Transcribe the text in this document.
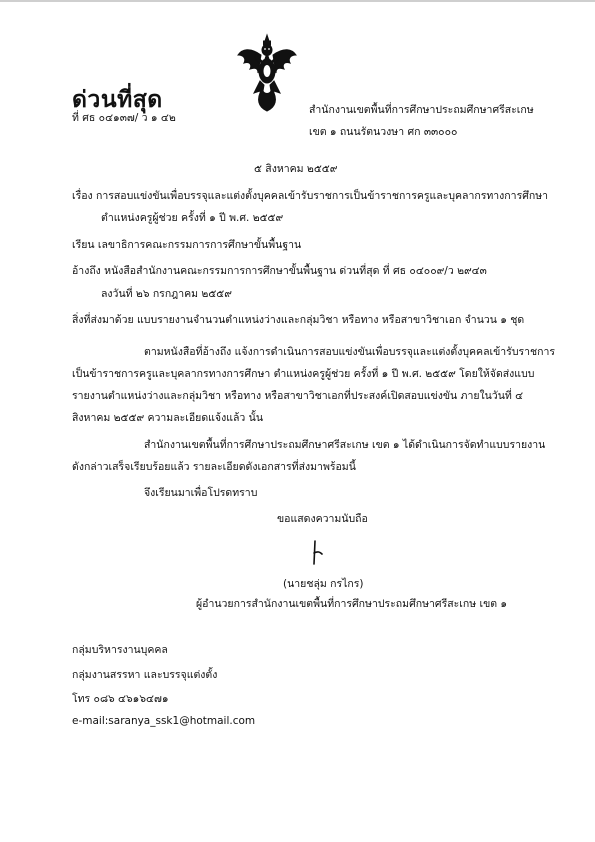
ด่วนที่สุด
ที่ ศธ ๐๔๑๓๗/ ว ๑ ๔๒
สำนักงานเขตพื้นที่การศึกษาประถมศึกษาศรีสะเกษ
เขต ๑ ถนนรัตนวงษา ศก ๓๓๐๐๐
๕ สิงหาคม ๒๕๕๙
เรื่อง การสอบแข่งขันเพื่อบรรจุและแต่งตั้งบุคคลเข้ารับราชการเป็นข้าราชการครูและบุคลากรทางการศึกษา
ตำแหน่งครูผู้ช่วย ครั้งที่ ๑ ปี พ.ศ. ๒๕๕๙
เรียน เลขาธิการคณะกรรมการการศึกษาขั้นพื้นฐาน
อ้างถึง หนังสือสำนักงานคณะกรรมการการศึกษาขั้นพื้นฐาน ด่วนที่สุด ที่ ศธ ๐๔๐๐๙/ว ๒๙๔๓
ลงวันที่ ๒๖ กรกฎาคม ๒๕๕๙
สิ่งที่ส่งมาด้วย แบบรายงานจำนวนตำแหน่งว่างและกลุ่มวิชา หรือทาง หรือสาขาวิชาเอก จำนวน ๑ ชุด
ตามหนังสือที่อ้างถึง แจ้งการดำเนินการสอบแข่งขันเพื่อบรรจุและแต่งตั้งบุคคลเข้ารับราชการ
เป็นข้าราชการครูและบุคลากรทางการศึกษา ตำแหน่งครูผู้ช่วย ครั้งที่ ๑ ปี พ.ศ. ๒๕๕๙ โดยให้จัดส่งแบบ
รายงานตำแหน่งว่างและกลุ่มวิชา หรือทาง หรือสาขาวิชาเอกที่ประสงค์เปิดสอบแข่งขัน ภายในวันที่ ๔
สิงหาคม ๒๕๕๙ ความละเอียดแจ้งแล้ว นั้น
สำนักงานเขตพื้นที่การศึกษาประถมศึกษาศรีสะเกษ เขต ๑ ได้ดำเนินการจัดทำแบบรายงาน
ดังกล่าวเสร็จเรียบร้อยแล้ว รายละเอียดดังเอกสารที่ส่งมาพร้อมนี้
จึงเรียนมาเพื่อโปรดทราบ
ขอแสดงความนับถือ
(นายชลุ่ม กรไกร)
ผู้อำนวยการสำนักงานเขตพื้นที่การศึกษาประถมศึกษาศรีสะเกษ เขต ๑
กลุ่มบริหารงานบุคคล
กลุ่มงานสรรหา และบรรจุแต่งตั้ง
โทร ๐๘๖ ๔๖๑๖๔๗๑
e-mail:saranya_ssk1@hotmail.com
